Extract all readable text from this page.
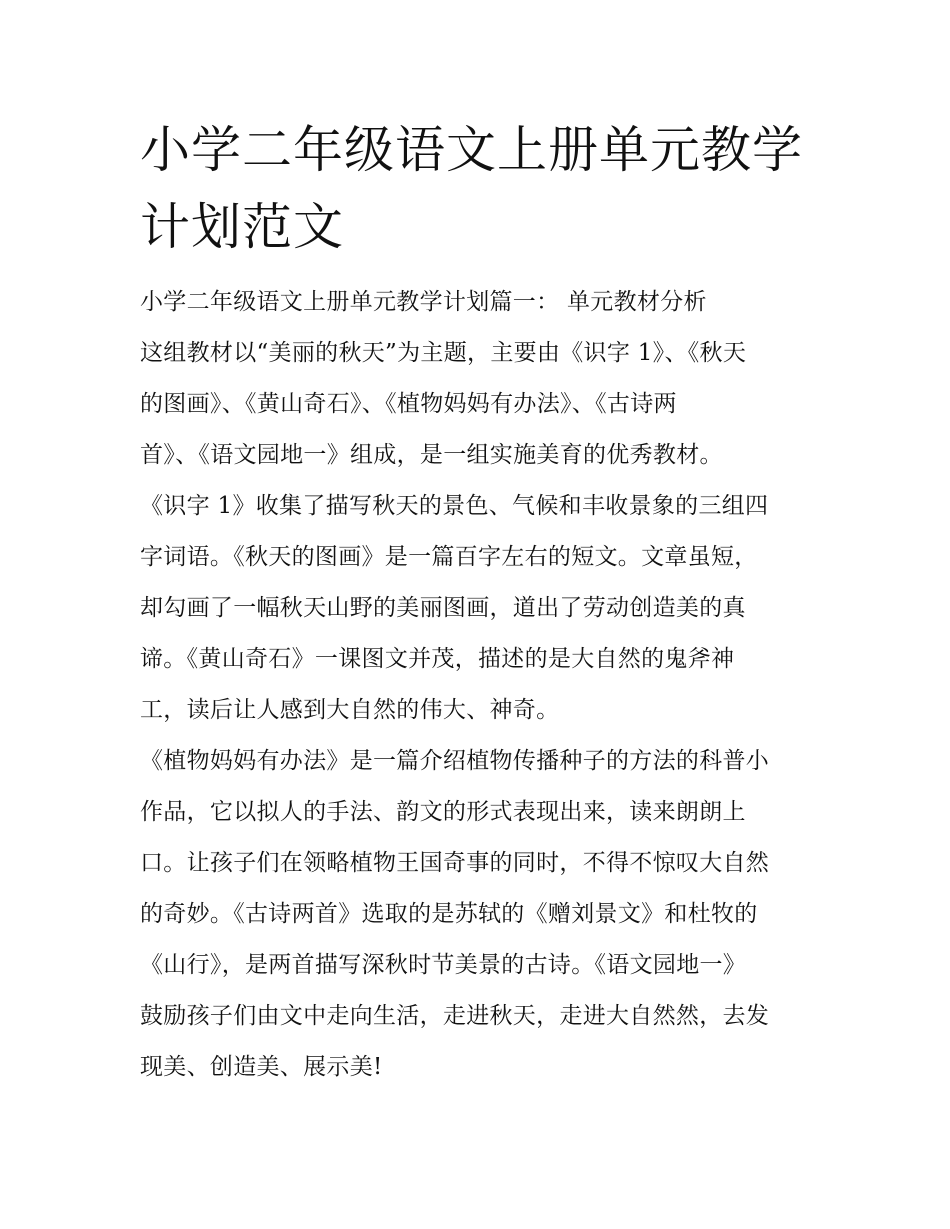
小学二年级语文上册单元教学
计划范文
小学二年级语文上册单元教学计划篇一： 单元教材分析
这组教材以“美丽的秋天”为主题，主要由《识字 1》、《秋天
的图画》、《黄山奇石》、《植物妈妈有办法》、《古诗两
首》、《语文园地一》组成，是一组实施美育的优秀教材。
《识字 1》收集了描写秋天的景色、气候和丰收景象的三组四
字词语。《秋天的图画》是一篇百字左右的短文。文章虽短，
却勾画了一幅秋天山野的美丽图画，道出了劳动创造美的真
谛。《黄山奇石》一课图文并茂，描述的是大自然的鬼斧神
工，读后让人感到大自然的伟大、神奇。
《植物妈妈有办法》是一篇介绍植物传播种子的方法的科普小
作品，它以拟人的手法、韵文的形式表现出来，读来朗朗上
口。让孩子们在领略植物王国奇事的同时，不得不惊叹大自然
的奇妙。《古诗两首》选取的是苏轼的《赠刘景文》和杜牧的
《山行》，是两首描写深秋时节美景的古诗。《语文园地一》
鼓励孩子们由文中走向生活，走进秋天，走进大自然然，去发
现美、创造美、展示美!
